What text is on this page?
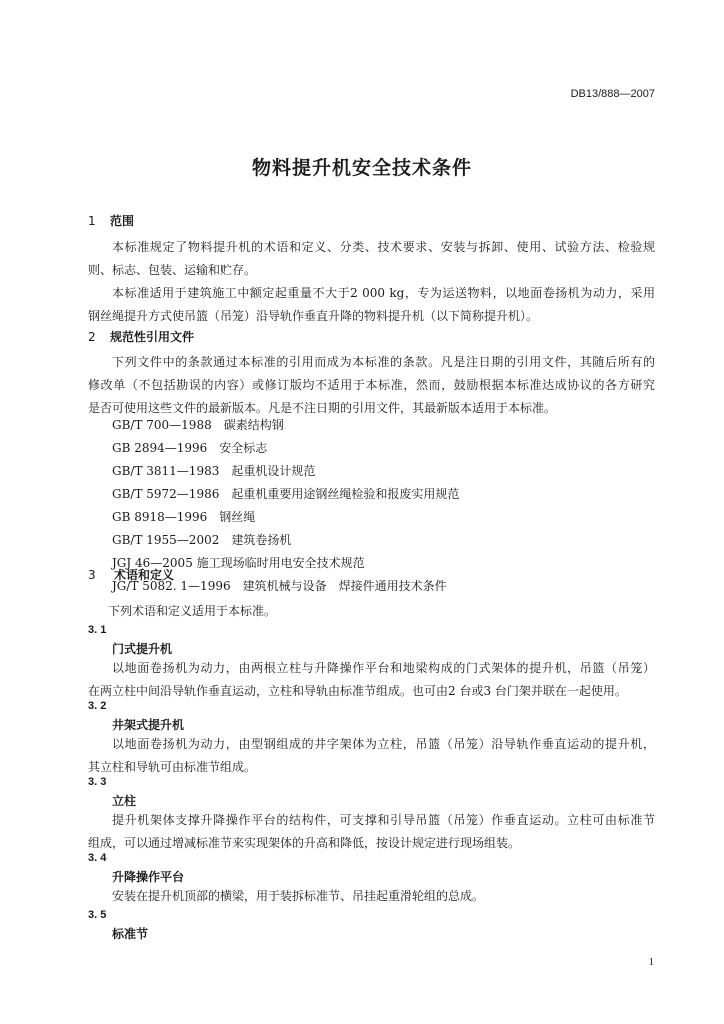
DB13/888—2007
物料提升机安全技术条件
1 范围
本标准规定了物料提升机的术语和定义、分类、技术要求、安装与拆卸、使用、试验方法、检验规
则、标志、包装、运输和贮存。
本标准适用于建筑施工中额定起重量不大于2 000 kg，专为运送物料，以地面卷扬机为动力，采用
钢丝绳提升方式使吊篮（吊笼）沿导轨作垂直升降的物料提升机（以下简称提升机）。
2 规范性引用文件
下列文件中的条款通过本标准的引用而成为本标准的条款。凡是注日期的引用文件，其随后所有的
修改单（不包括勘误的内容）或修订版均不适用于本标准，然而，鼓励根据本标准达成协议的各方研究
是否可使用这些文件的最新版本。凡是不注日期的引用文件，其最新版本适用于本标准。
GB/T 700—1988　碳素结构钢
GB 2894—1996　安全标志
GB/T 3811—1983　起重机设计规范
GB/T 5972—1986　起重机重要用途钢丝绳检验和报废实用规范
GB 8918—1996　钢丝绳
GB/T 1955—2002　建筑卷扬机
JGJ 46—2005 施工现场临时用电安全技术规范
JG/T 5082. 1—1996　建筑机械与设备　焊接件通用技术条件
3 术语和定义
下列术语和定义适用于本标准。
3. 1
门式提升机
以地面卷扬机为动力，由两根立柱与升降操作平台和地梁构成的门式架体的提升机，吊篮（吊笼）
在两立柱中间沿导轨作垂直运动，立柱和导轨由标准节组成。也可由2 台或3 台门架并联在一起使用。
3. 2
井架式提升机
以地面卷扬机为动力，由型钢组成的井字架体为立柱，吊篮（吊笼）沿导轨作垂直运动的提升机，
其立柱和导轨可由标准节组成。
3. 3
立柱
提升机架体支撑升降操作平台的结构件，可支撑和引导吊篮（吊笼）作垂直运动。立柱可由标准节
组成，可以通过增减标准节来实现架体的升高和降低，按设计规定进行现场组装。
3. 4
升降操作平台
安装在提升机顶部的横梁，用于装拆标准节、吊挂起重滑轮组的总成。
3. 5
标准节
1
